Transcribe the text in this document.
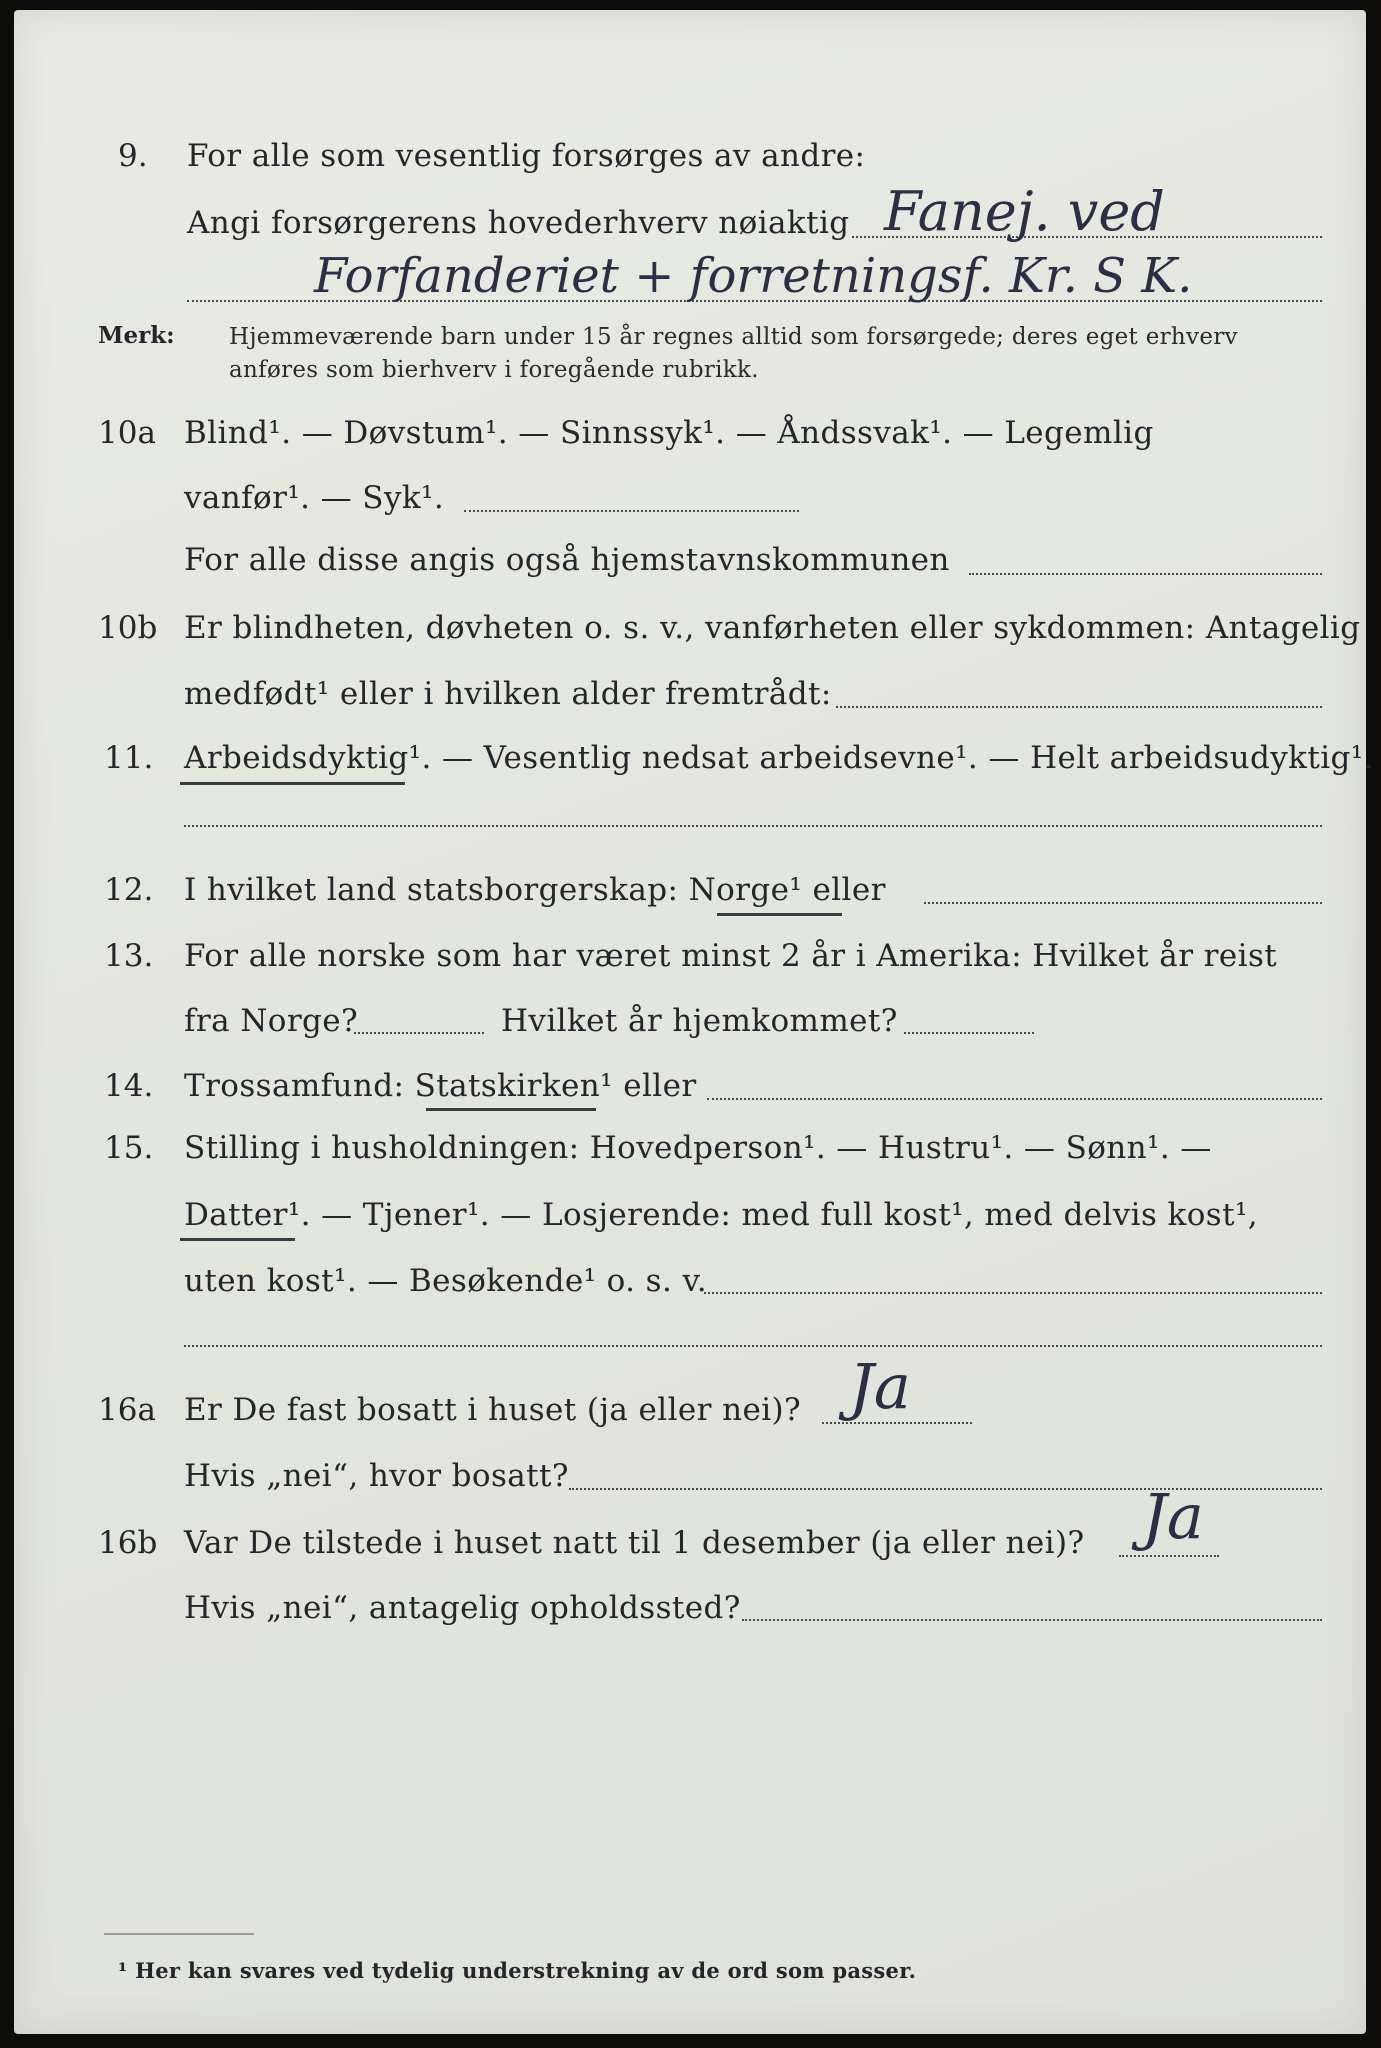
9. For alle som vesentlig forsørges av andre:
Angi forsørgerens hovederhverv nøiaktig Fanej. ved
Forfanderiet + forretningsf. Kr. S K.
Merk: Hjemmeværende barn under 15 år regnes alltid som forsørgede; deres eget erhverv
anføres som bierhverv i foregående rubrikk.
10a Blind¹. — Døvstum¹. — Sinnssyk¹. — Åndssvak¹. — Legemlig
vanfør¹. — Syk¹.
For alle disse angis også hjemstavnskommunen
10b Er blindheten, døvheten o. s. v., vanførheten eller sykdommen: Antagelig
medfødt¹ eller i hvilken alder fremtrådt:
11. Arbeidsdyktig¹. — Vesentlig nedsat arbeidsevne¹. — Helt arbeidsudyktig¹.
12. I hvilket land statsborgerskap: Norge¹ eller
13. For alle norske som har været minst 2 år i Amerika: Hvilket år reist
fra Norge?	Hvilket år hjemkommet?
14. Trossamfund: Statskirken¹ eller
15. Stilling i husholdningen: Hovedperson¹. — Hustru¹. — Sønn¹. —
Datter¹. — Tjener¹. — Losjerende: med full kost¹, med delvis kost¹,
uten kost¹. — Besøkende¹ o. s. v.
16a Er De fast bosatt i huset (ja eller nei)? Ja
Hvis „nei“, hvor bosatt?
16b Var De tilstede i huset natt til 1 desember (ja eller nei)? Ja
Hvis „nei“, antagelig opholdssted?
¹ Her kan svares ved tydelig understrekning av de ord som passer.
